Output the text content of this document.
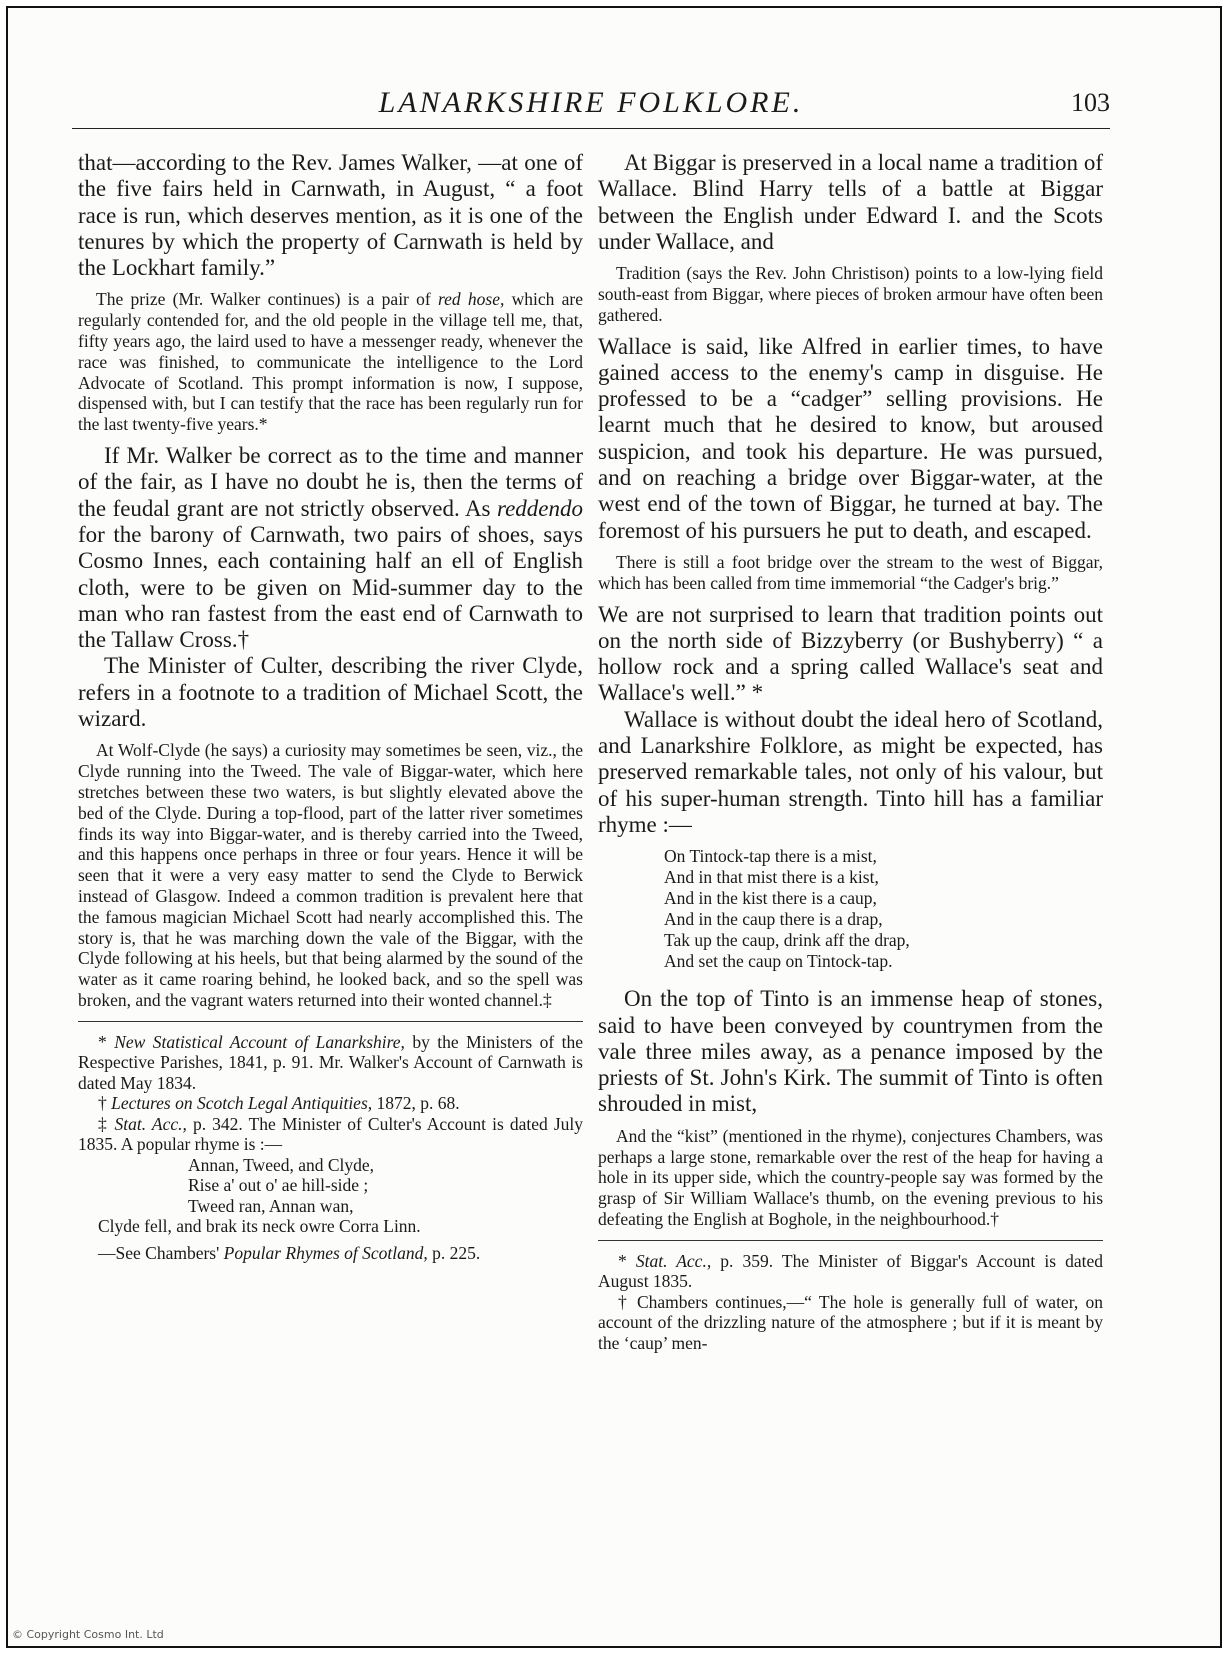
LANARKSHIRE FOLKLORE.	103

that—according to the Rev. James Walker, —at one of the five fairs held in Carnwath, in August, “ a foot race is run, which deserves mention, as it is one of the tenures by which the property of Carnwath is held by the Lockhart family.”

The prize (Mr. Walker continues) is a pair of red hose, which are regularly contended for, and the old people in the village tell me, that, fifty years ago, the laird used to have a messenger ready, whenever the race was finished, to communicate the intelligence to the Lord Advocate of Scotland. This prompt information is now, I suppose, dispensed with, but I can testify that the race has been regularly run for the last twenty-five years.*

If Mr. Walker be correct as to the time and manner of the fair, as I have no doubt he is, then the terms of the feudal grant are not strictly observed. As reddendo for the barony of Carnwath, two pairs of shoes, says Cosmo Innes, each containing half an ell of English cloth, were to be given on Mid-summer day to the man who ran fastest from the east end of Carnwath to the Tallaw Cross.†

The Minister of Culter, describing the river Clyde, refers in a footnote to a tradition of Michael Scott, the wizard.

At Wolf-Clyde (he says) a curiosity may sometimes be seen, viz., the Clyde running into the Tweed. The vale of Biggar-water, which here stretches between these two waters, is but slightly elevated above the bed of the Clyde. During a top-flood, part of the latter river sometimes finds its way into Biggar-water, and is thereby carried into the Tweed, and this happens once perhaps in three or four years. Hence it will be seen that it were a very easy matter to send the Clyde to Berwick instead of Glasgow. Indeed a common tradition is prevalent here that the famous magician Michael Scott had nearly accomplished this. The story is, that he was marching down the vale of the Biggar, with the Clyde following at his heels, but that being alarmed by the sound of the water as it came roaring behind, he looked back, and so the spell was broken, and the vagrant waters returned into their wonted channel.‡

* New Statistical Account of Lanarkshire, by the Ministers of the Respective Parishes, 1841, p. 91. Mr. Walker's Account of Carnwath is dated May 1834.

† Lectures on Scotch Legal Antiquities, 1872, p. 68.

‡ Stat. Acc., p. 342. The Minister of Culter's Account is dated July 1835. A popular rhyme is :—

Annan, Tweed, and Clyde,
Rise a' out o' ae hill-side ;
Tweed ran, Annan wan,
Clyde fell, and brak its neck owre Corra Linn.

—See Chambers' Popular Rhymes of Scotland, p. 225.

At Biggar is preserved in a local name a tradition of Wallace. Blind Harry tells of a battle at Biggar between the English under Edward I. and the Scots under Wallace, and

Tradition (says the Rev. John Christison) points to a low-lying field south-east from Biggar, where pieces of broken armour have often been gathered.

Wallace is said, like Alfred in earlier times, to have gained access to the enemy's camp in disguise. He professed to be a “cadger” selling provisions. He learnt much that he desired to know, but aroused suspicion, and took his departure. He was pursued, and on reaching a bridge over Biggar-water, at the west end of the town of Biggar, he turned at bay. The foremost of his pursuers he put to death, and escaped.

There is still a foot bridge over the stream to the west of Biggar, which has been called from time immemorial “the Cadger's brig.”

We are not surprised to learn that tradition points out on the north side of Bizzyberry (or Bushyberry) “ a hollow rock and a spring called Wallace's seat and Wallace's well.” *

Wallace is without doubt the ideal hero of Scotland, and Lanarkshire Folklore, as might be expected, has preserved remarkable tales, not only of his valour, but of his super-human strength. Tinto hill has a familiar rhyme :—

On Tintock-tap there is a mist,
And in that mist there is a kist,
And in the kist there is a caup,
And in the caup there is a drap,
Tak up the caup, drink aff the drap,
And set the caup on Tintock-tap.

On the top of Tinto is an immense heap of stones, said to have been conveyed by countrymen from the vale three miles away, as a penance imposed by the priests of St. John's Kirk. The summit of Tinto is often shrouded in mist,

And the “kist” (mentioned in the rhyme), conjectures Chambers, was perhaps a large stone, remarkable over the rest of the heap for having a hole in its upper side, which the country-people say was formed by the grasp of Sir William Wallace's thumb, on the evening previous to his defeating the English at Boghole, in the neighbourhood.†

* Stat. Acc., p. 359. The Minister of Biggar's Account is dated August 1835.

† Chambers continues,—“ The hole is generally full of water, on account of the drizzling nature of the atmosphere ; but if it is meant by the ‘caup’ men-

© Copyright Cosmo Int. Ltd
